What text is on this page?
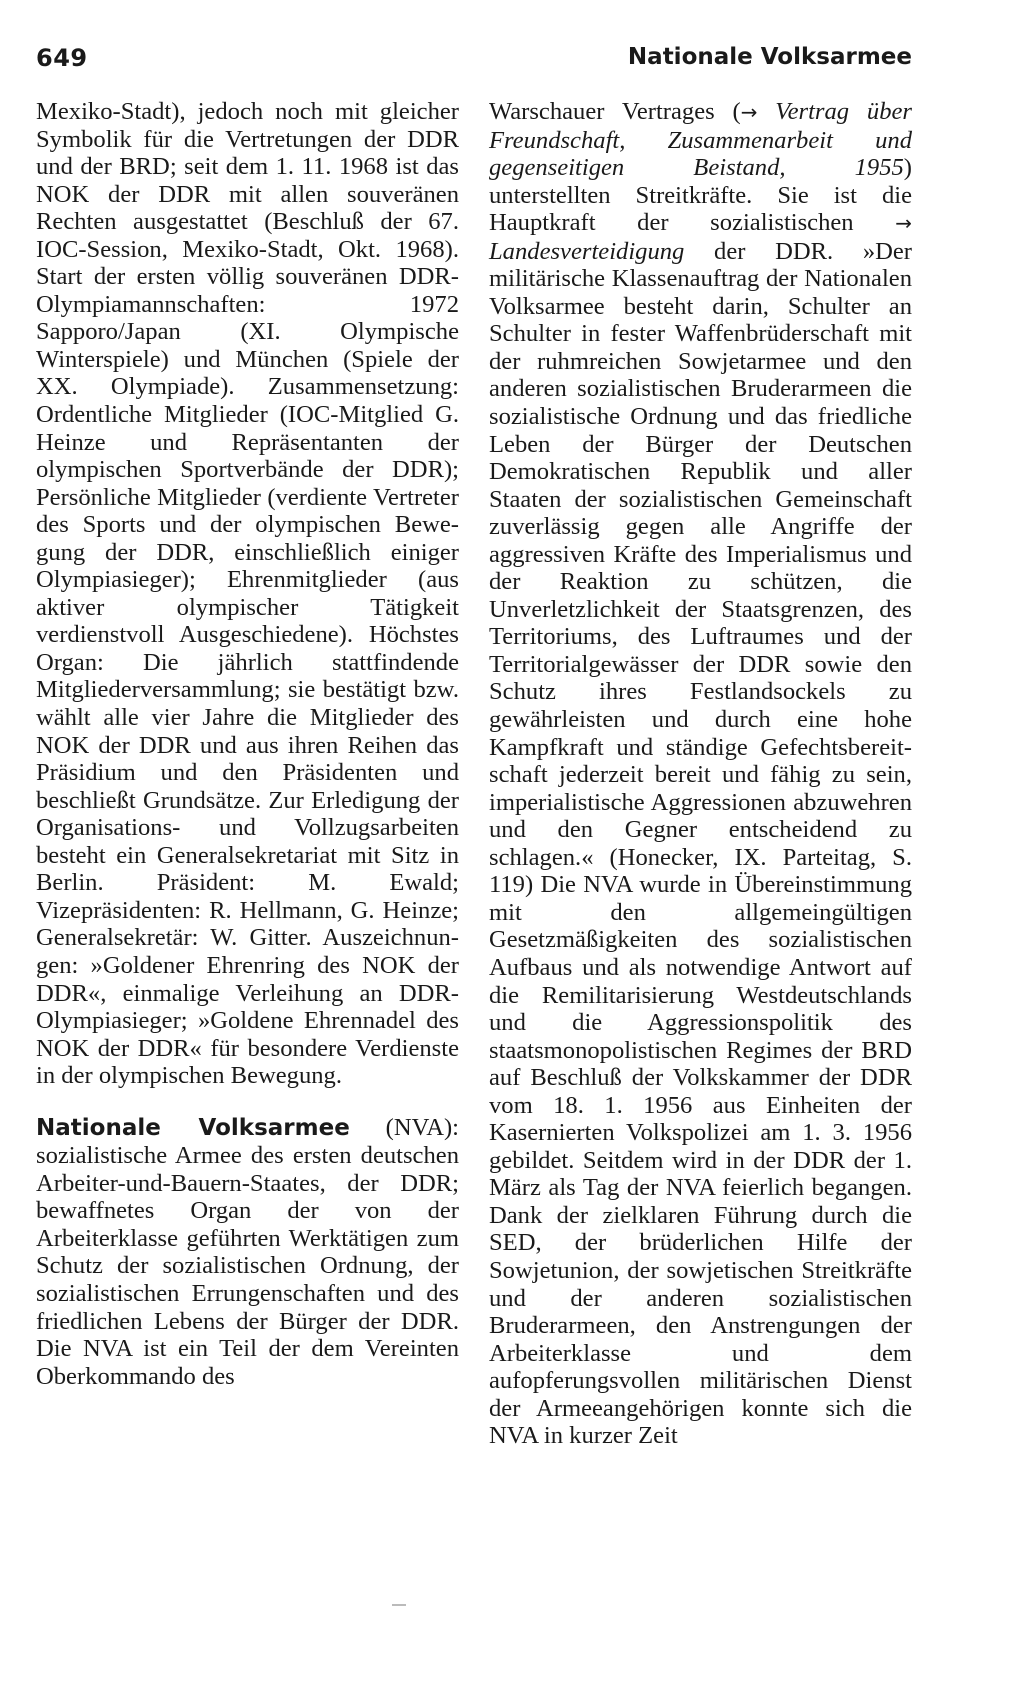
649	Nationale Volksarmee

Mexiko-Stadt), jedoch noch mit gleicher Symbolik für die Vertretungen der DDR und der BRD; seit dem 1. 11. 1968 ist das NOK der DDR mit allen souveränen Rechten ausgestattet (Beschluß der 67. IOC-Session, Mexiko-Stadt, Okt. 1968). Start der ersten völlig souveränen DDR-Olympiamannschaften: 1972 Sapporo/Japan (XI. Olympische Winterspiele) und München (Spiele der XX. Olympiade). Zusammensetzung: Ordentliche Mitglieder (IOC-Mitglied G. Heinze und Repräsentanten der olympischen Sportverbände der DDR); Persönliche Mitglieder (verdiente Vertreter des Sports und der olympischen Bewegung der DDR, einschließlich einiger Olympiasieger); Ehrenmitglieder (aus aktiver olympischer Tätigkeit verdienstvoll Ausgeschiedene). Höchstes Organ: Die jährlich stattfindende Mitgliederversammlung; sie bestätigt bzw. wählt alle vier Jahre die Mitglieder des NOK der DDR und aus ihren Reihen das Präsidium und den Präsidenten und beschließt Grundsätze. Zur Erledigung der Organisations- und Vollzugsarbeiten besteht ein Generalsekretariat mit Sitz in Berlin. Präsident: M. Ewald; Vizepräsidenten: R. Hellmann, G. Heinze; Generalsekretär: W. Gitter. Auszeichnungen: »Goldener Ehrenring des NOK der DDR«, einmalige Verleihung an DDR-Olympiasieger; »Goldene Ehrennadel des NOK der DDR« für besondere Verdienste in der olympischen Bewegung.

Nationale Volksarmee (NVA): sozialistische Armee des ersten deutschen Arbeiter-und-Bauern-Staates, der DDR; bewaffnetes Organ der von der Arbeiterklasse geführten Werktätigen zum Schutz der sozialistischen Ordnung, der sozialistischen Errungenschaften und des friedlichen Lebens der Bürger der DDR. Die NVA ist ein Teil der dem Vereinten Oberkommando des

Warschauer Vertrages (→ Vertrag über Freundschaft, Zusammenarbeit und gegenseitigen Beistand, 1955) unterstellten Streitkräfte. Sie ist die Hauptkraft der sozialistischen → Landesverteidigung der DDR. »Der militärische Klassenauftrag der Nationalen Volksarmee besteht darin, Schulter an Schulter in fester Waffenbrüderschaft mit der ruhmreichen Sowjetarmee und den anderen sozialistischen Bruderarmeen die sozialistische Ordnung und das friedliche Leben der Bürger der Deutschen Demokratischen Republik und aller Staaten der sozialistischen Gemeinschaft zuverlässig gegen alle Angriffe der aggressiven Kräfte des Imperialismus und der Reaktion zu schützen, die Unverletzlichkeit der Staatsgrenzen, des Territoriums, des Luftraumes und der Territorialgewässer der DDR sowie den Schutz ihres Festlandsockels zu gewährleisten und durch eine hohe Kampfkraft und ständige Gefechtsbereitschaft jederzeit bereit und fähig zu sein, imperialistische Aggressionen abzuwehren und den Gegner entscheidend zu schlagen.« (Honecker, IX. Parteitag, S. 119) Die NVA wurde in Übereinstimmung mit den allgemeingültigen Gesetzmäßigkeiten des sozialistischen Aufbaus und als notwendige Antwort auf die Remilitarisierung Westdeutschlands und die Aggressionspolitik des staatsmonopolistischen Regimes der BRD auf Beschluß der Volkskammer der DDR vom 18. 1. 1956 aus Einheiten der Kasernierten Volkspolizei am 1. 3. 1956 gebildet. Seitdem wird in der DDR der 1. März als Tag der NVA feierlich begangen. Dank der zielklaren Führung durch die SED, der brüderlichen Hilfe der Sowjetunion, der sowjetischen Streitkräfte und der anderen sozialistischen Bruderarmeen, den Anstrengungen der Arbeiterklasse und dem aufopferungsvollen militärischen Dienst der Armeeangehörigen konnte sich die NVA in kurzer Zeit
